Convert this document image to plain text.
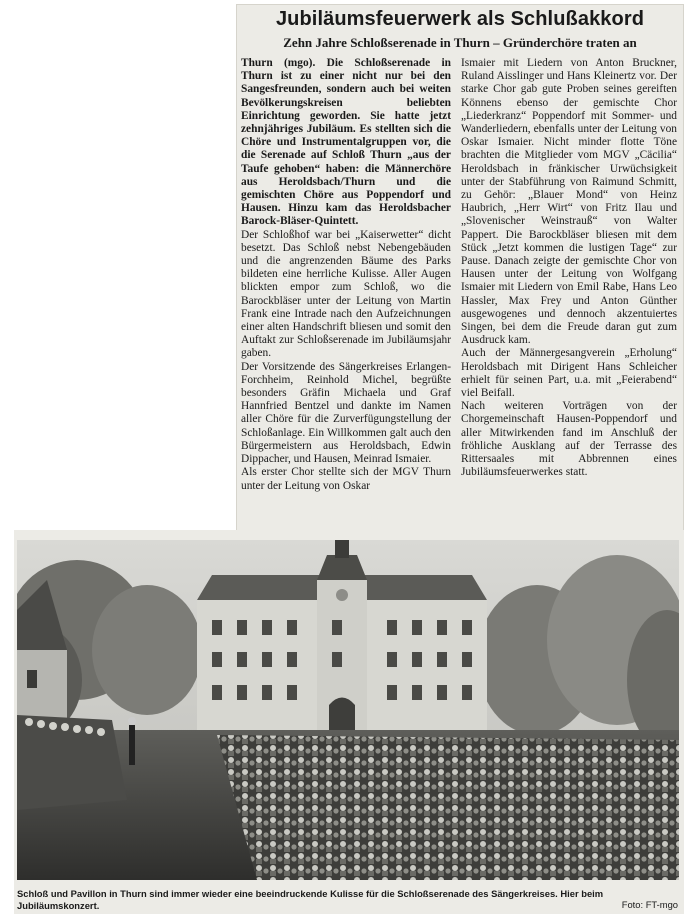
Jubiläumsfeuerwerk als Schlußakkord
Zehn Jahre Schloßserenade in Thurn – Gründerchöre traten an

Thurn (mgo). Die Schloßserenade in Thurn ist zu einer nicht nur bei den Sangesfreunden, sondern auch bei weiten Bevölkerungskreisen beliebten Einrichtung geworden. Sie hatte jetzt zehnjähriges Jubiläum. Es stellten sich die Chöre und Instrumentalgruppen vor, die die Serenade auf Schloß Thurn „aus der Taufe gehoben“ haben: die Männerchöre aus Heroldsbach/Thurn und die gemischten Chöre aus Poppendorf und Hausen. Hinzu kam das Heroldsbacher Barock-Bläser-Quintett.

Der Schloßhof war bei „Kaiserwetter“ dicht besetzt. Das Schloß nebst Nebengebäuden und die angrenzenden Bäume des Parks bildeten eine herrliche Kulisse. Aller Augen blickten empor zum Schloß, wo die Barockbläser unter der Leitung von Martin Frank eine Intrade nach den Aufzeichnungen einer alten Handschrift bliesen und somit den Auftakt zur Schloßserenade im Jubiläumsjahr gaben.

Der Vorsitzende des Sängerkreises Erlangen-Forchheim, Reinhold Michel, begrüßte besonders Gräfin Michaela und Graf Hannfried Bentzel und dankte im Namen aller Chöre für die Zurverfügungstellung der Schloßanlage. Ein Willkommen galt auch den Bürgermeistern aus Heroldsbach, Edwin Dippacher, und Hausen, Meinrad Ismaier.

Als erster Chor stellte sich der MGV Thurn unter der Leitung von Oskar

Ismaier mit Liedern von Anton Bruckner, Ruland Aisslinger und Hans Kleinertz vor. Der starke Chor gab gute Proben seines gereiften Könnens ebenso der gemischte Chor „Liederkranz“ Poppendorf mit Sommer- und Wanderliedern, ebenfalls unter der Leitung von Oskar Ismaier. Nicht minder flotte Töne brachten die Mitglieder vom MGV „Cäcilia“ Heroldsbach in fränkischer Urwüchsigkeit unter der Stabführung von Raimund Schmitt, zu Gehör: „Blauer Mond“ von Heinz Haubrich, „Herr Wirt“ von Fritz Ilau und „Slovenischer Weinstrauß“ von Walter Pappert. Die Barockbläser bliesen mit dem Stück „Jetzt kommen die lustigen Tage“ zur Pause. Danach zeigte der gemischte Chor von Hausen unter der Leitung von Wolfgang Ismaier mit Liedern von Emil Rabe, Hans Leo Hassler, Max Frey und Anton Günther ausgewogenes und dennoch akzentuiertes Singen, bei dem die Freude daran gut zum Ausdruck kam.

Auch der Männergesangverein „Erholung“ Heroldsbach mit Dirigent Hans Schleicher erhielt für seinen Part, u.a. mit „Feierabend“ viel Beifall.

Nach weiteren Vorträgen von der Chorgemeinschaft Hausen-Poppendorf und aller Mitwirkenden fand im Anschluß der fröhliche Ausklang auf der Terrasse des Rittersaales mit Abbrennen eines Jubiläumsfeuerwerkes statt.

Schloß und Pavillon in Thurn sind immer wieder eine beeindruckende Kulisse für die Schloßserenade des Sängerkreises. Hier beim Jubiläumskonzert.	Foto: FT-mgo
